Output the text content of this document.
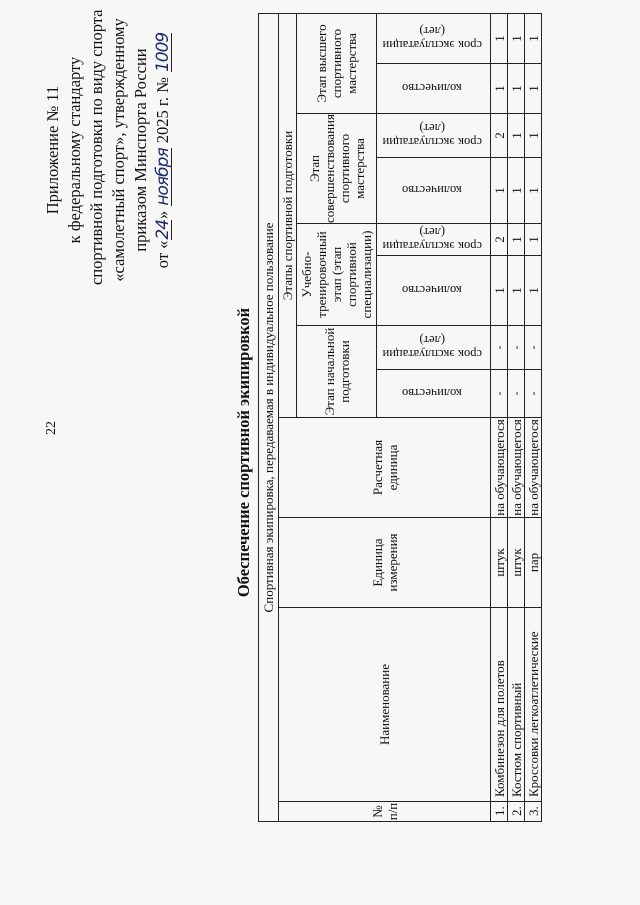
22
Приложение № 11 к федеральному стандарту спортивной подготовки по виду спорта «самолетный спорт», утвержденному приказом Минспорта России
от «24» ноября 2025 г. № 1009
Обеспечение спортивной экипировкой Спортивная экипировка, передаваемая в индивидуальное пользование											
№ п/п	Наименование	Единица измерения	Расчетная единица	Этапы спортивной подготовки							
				Этап начальной подготовки		Учебно-тренировочный этап (этап спортивной специализации)		Этап совершенствования спортивного мастерства		Этап высшего спортивного мастерства	
				количество	срок эксплуатации (лет)	количество	срок эксплуатации (лет)	количество	срок эксплуатации (лет)	количество	срок эксплуатации (лет)
1.	Комбинезон для полетов	штук	на обучающегося	-	-	1	2	1	2	1	1
2.	Костюм спортивный	штук	на обучающегося	-	-	1	1	1	1	1	1
3.	Кроссовки легкоатлетические	пар	на обучающегося	-	-	1	1	1	1	1	1
